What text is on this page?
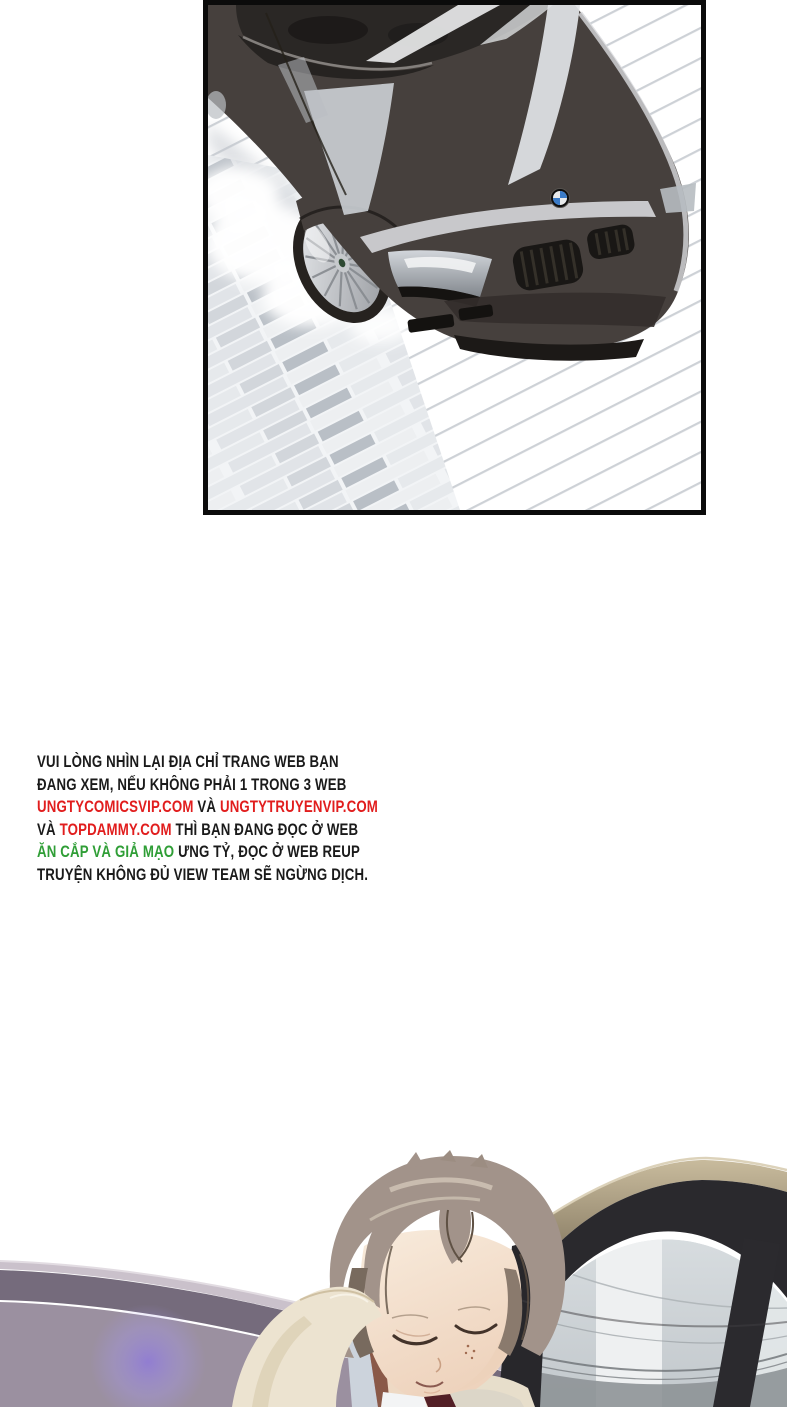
VUI LÒNG NHÌN LẠI ĐỊA CHỈ TRANG WEB BẠN
ĐANG XEM, NẾU KHÔNG PHẢI 1 TRONG 3 WEB
UNGTYCOMICSVIP.COM VÀ UNGTYTRUYENVIP.COM
VÀ TOPDAMMY.COM THÌ BẠN ĐANG ĐỌC Ở WEB
ĂN CẮP VÀ GIẢ MẠO ƯNG TỶ, ĐỌC Ở WEB REUP
TRUYỆN KHÔNG ĐỦ VIEW TEAM SẼ NGỪNG DỊCH.
